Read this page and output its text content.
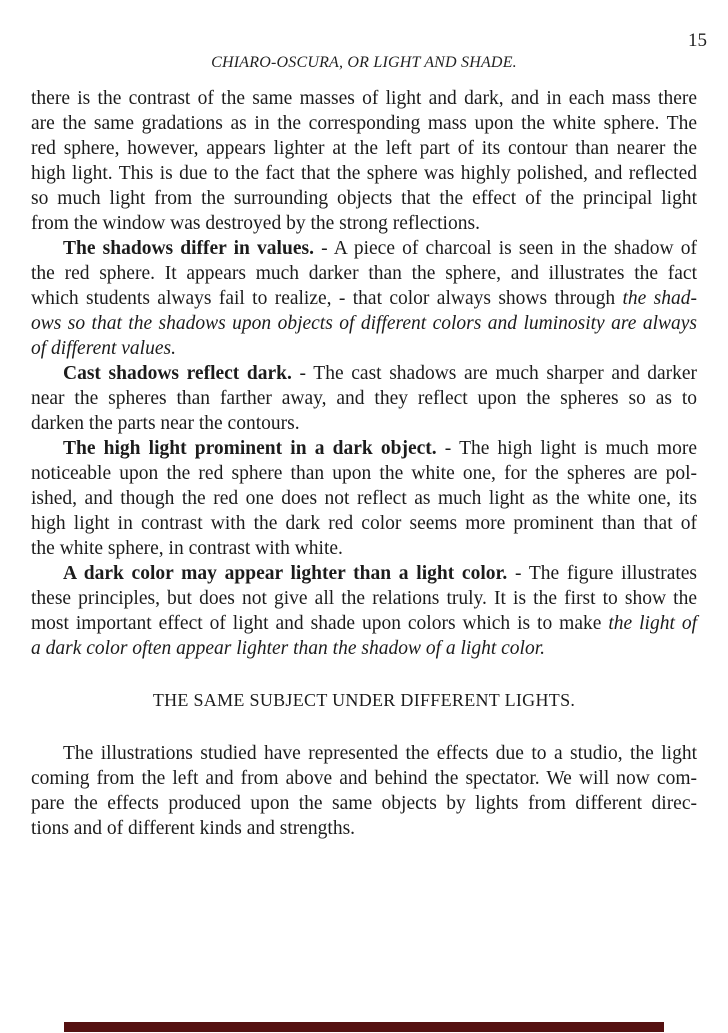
15
CHIARO-OSCURA, OR LIGHT AND SHADE.
there is the contrast of the same masses of light and dark, and in each mass there
are the same gradations as in the corresponding mass upon the white sphere. The
red sphere, however, appears lighter at the left part of its contour than nearer the
high light. This is due to the fact that the sphere was highly polished, and reflected
so much light from the surrounding objects that the effect of the principal light
from the window was destroyed by the strong reflections.
The shadows differ in values. - A piece of charcoal is seen in the shadow of
the red sphere. It appears much darker than the sphere, and illustrates the fact
which students always fail to realize, - that color always shows through the shad-
ows so that the shadows upon objects of different colors and luminosity are always
of different values.
Cast shadows reflect dark. - The cast shadows are much sharper and darker
near the spheres than farther away, and they reflect upon the spheres so as to
darken the parts near the contours.
The high light prominent in a dark object. - The high light is much more
noticeable upon the red sphere than upon the white one, for the spheres are pol-
ished, and though the red one does not reflect as much light as the white one, its
high light in contrast with the dark red color seems more prominent than that of
the white sphere, in contrast with white.
A dark color may appear lighter than a light color. - The figure illustrates
these principles, but does not give all the relations truly. It is the first to show the
most important effect of light and shade upon colors which is to make the light of
a dark color often appear lighter than the shadow of a light color.
THE SAME SUBJECT UNDER DIFFERENT LIGHTS.
The illustrations studied have represented the effects due to a studio, the light
coming from the left and from above and behind the spectator. We will now com-
pare the effects produced upon the same objects by lights from different direc-
tions and of different kinds and strengths.
